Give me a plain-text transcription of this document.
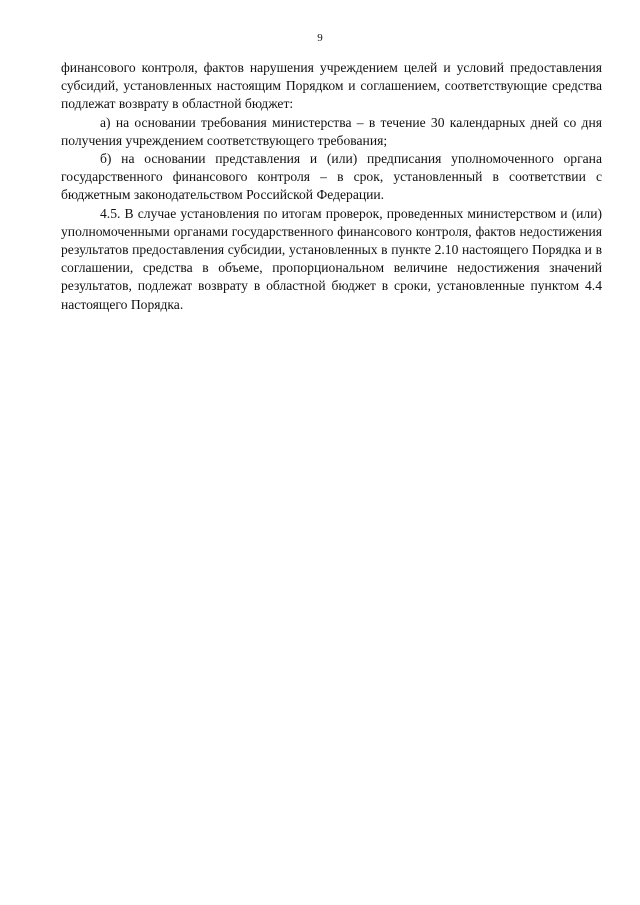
9

финансового контроля, фактов нарушения учреждением целей и условий предоставления субсидий, установленных настоящим Порядком и соглашением, соответствующие средства подлежат возврату в областной бюджет:

а) на основании требования министерства – в течение 30 календарных дней со дня получения учреждением соответствующего требования;

б) на основании представления и (или) предписания уполномоченного органа государственного финансового контроля – в срок, установленный в соответствии с бюджетным законодательством Российской Федерации.

4.5. В случае установления по итогам проверок, проведенных министерством и (или) уполномоченными органами государственного финансового контроля, фактов недостижения результатов предоставления субсидии, установленных в пункте 2.10 настоящего Порядка и в соглашении, средства в объеме, пропорциональном величине недостижения значений результатов, подлежат возврату в областной бюджет в сроки, установленные пунктом 4.4 настоящего Порядка.
